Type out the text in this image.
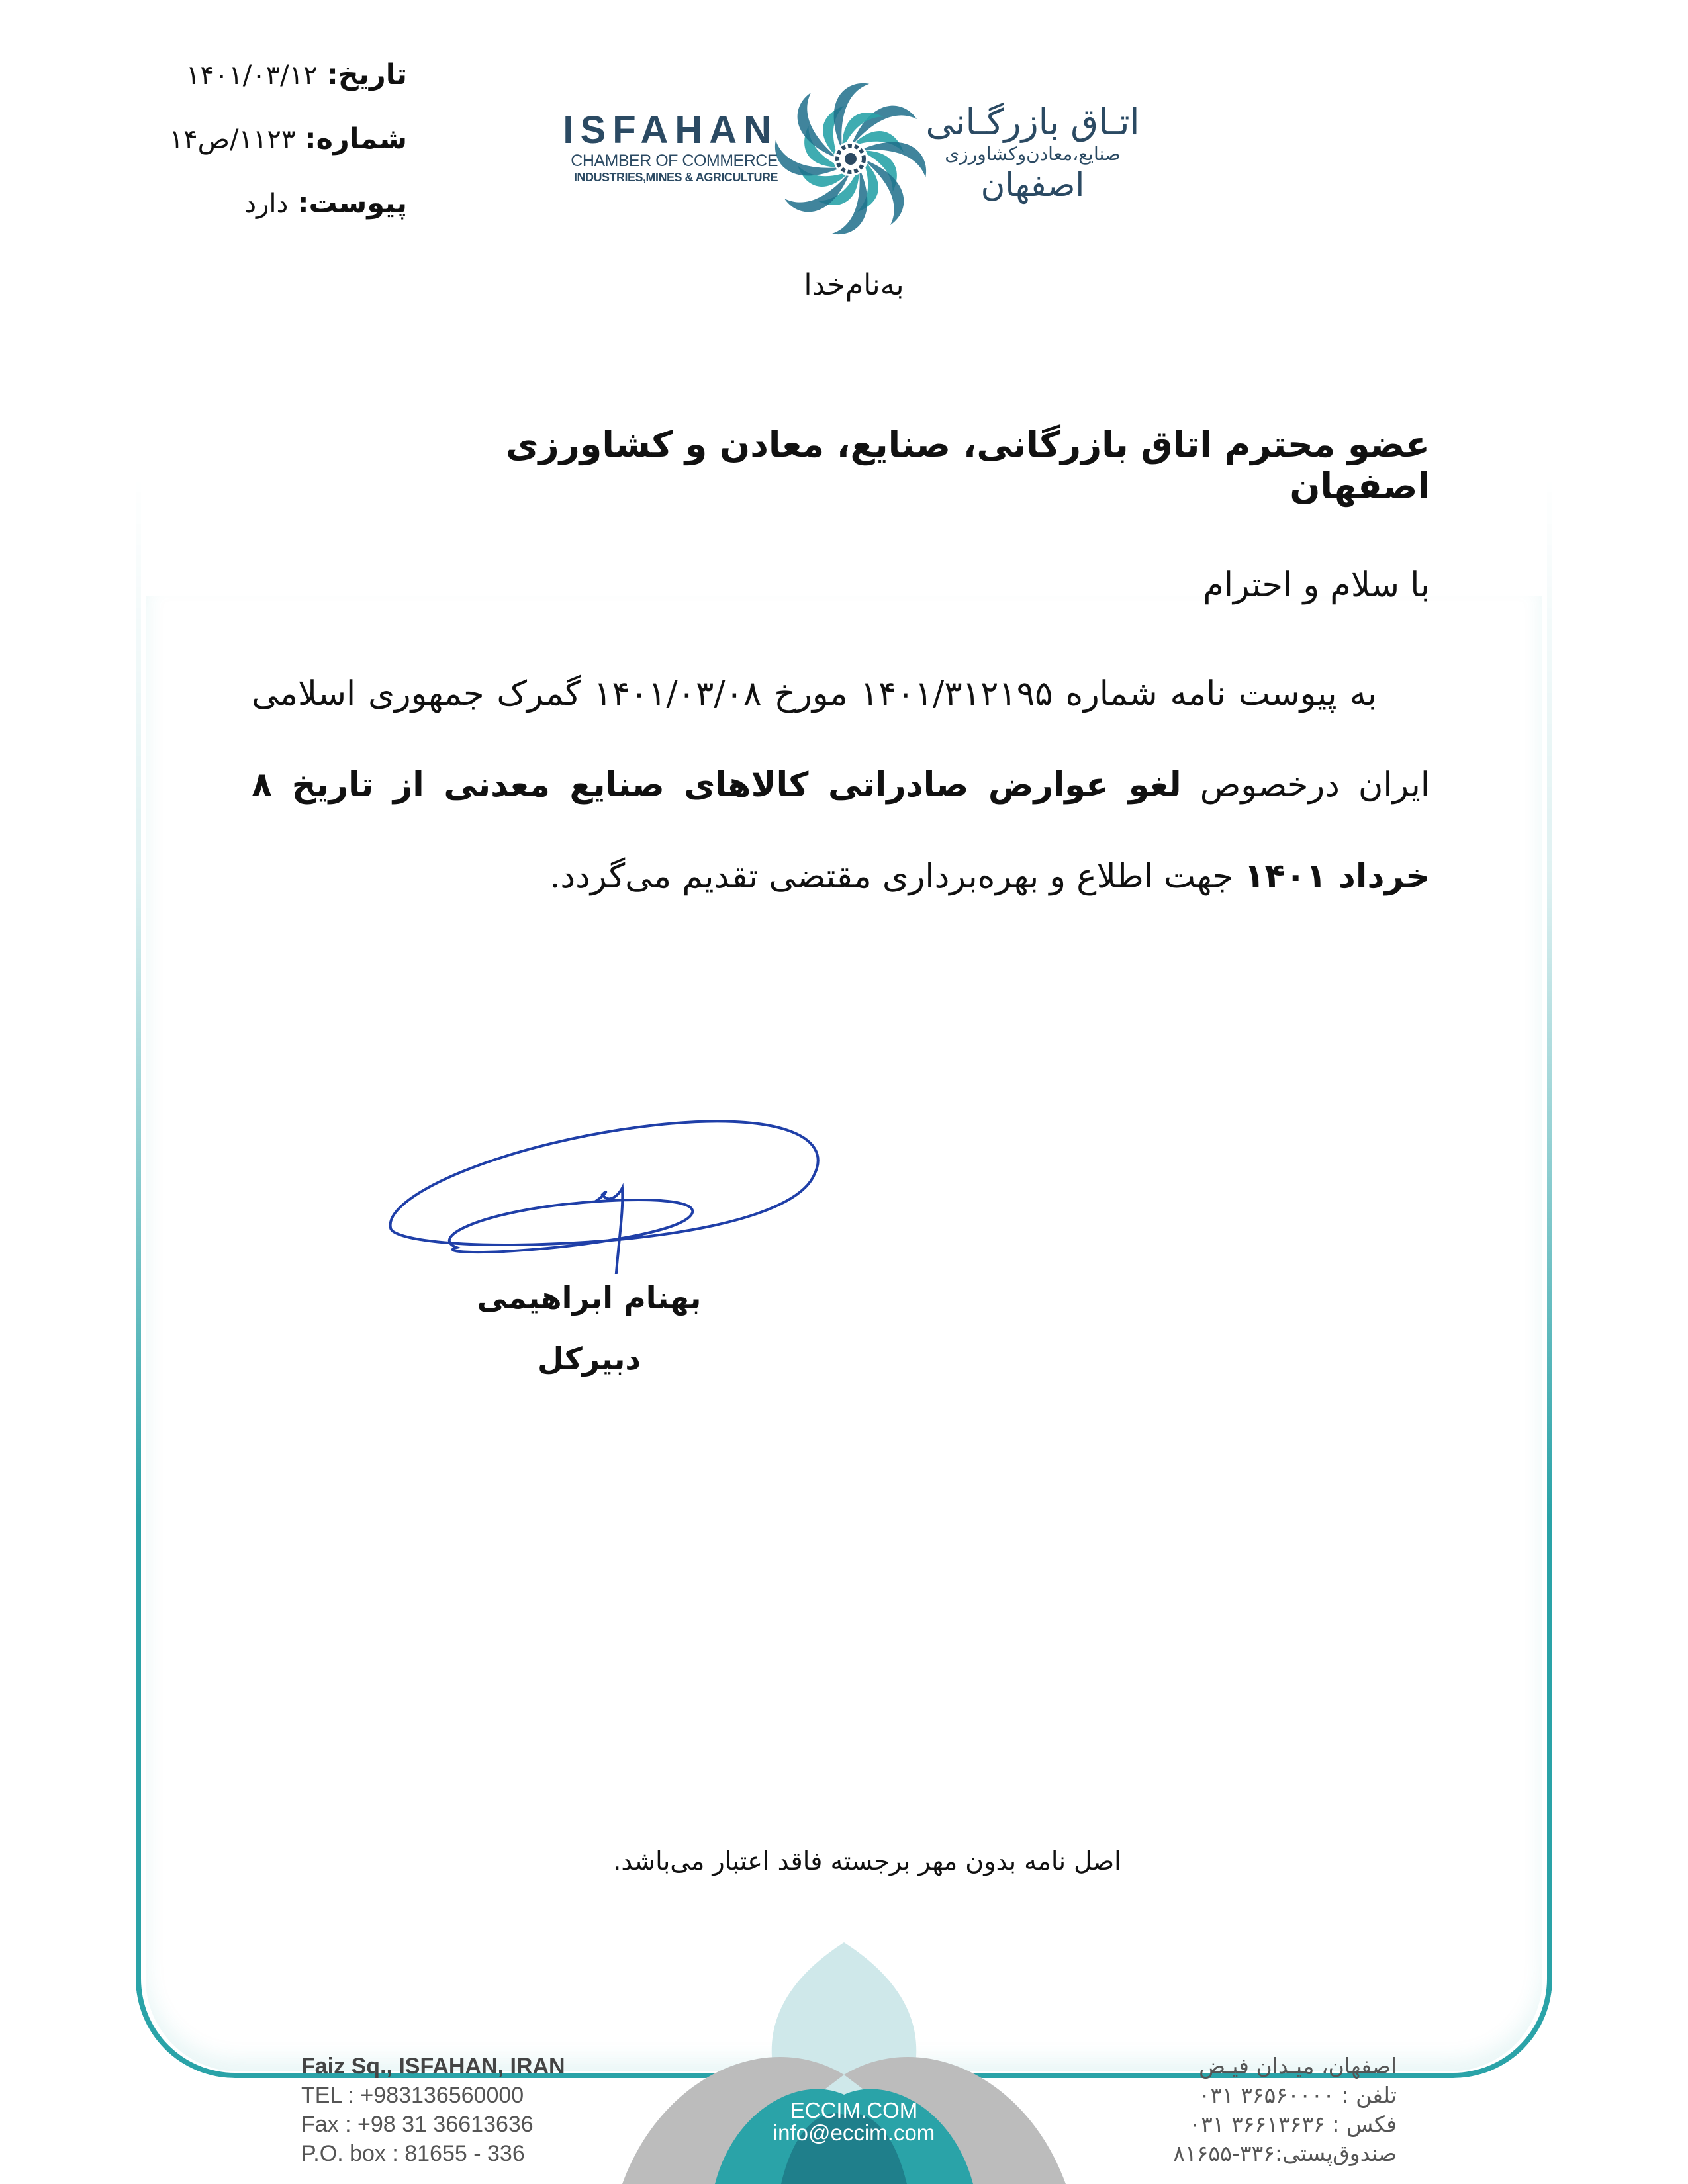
تاریخ:۱۴۰۱/۰۳/۱۲
شماره:۱۱۲۳/ص۱۴
پیوست:دارد
ISFAHAN
CHAMBER OF COMMERCE
INDUSTRIES,MINES & AGRICULTURE
اتـاق بازرگـانی
صنایع،معادن‌وکشاورزی
اصفهان
به‌نام‌خدا
عضو محترم اتاق بازرگانی، صنایع، معادن و کشاورزی اصفهان
با سلام و احترام
به پیوست نامه شماره ۱۴۰۱/۳۱۲۱۹۵ مورخ ۱۴۰۱/۰۳/۰۸ گمرک جمهوری اسلامی ایران درخصوص لغو عوارض صادراتی کالاهای صنایع معدنی از تاریخ ۸ خرداد ۱۴۰۱ جهت اطلاع و بهره‌برداری مقتضی تقدیم می‌گردد.
بهنام ابراهیمی
دبیرکل
اصل نامه بدون مهر برجسته فاقد اعتبار می‌باشد.
ECCIM.COM
info@eccim.com
Faiz Sq., ISFAHAN, IRAN
TEL : +983136560000
Fax : +98 31 36613636
P.O. box : 81655 - 336
اصفهان، میـدان فیـض
تلفن : ۳۶۵۶۰۰۰۰ ۰۳۱
فکس : ۳۶۶۱۳۶۳۶ ۰۳۱
صندوق‌پستی:۳۳۶-۸۱۶۵۵
